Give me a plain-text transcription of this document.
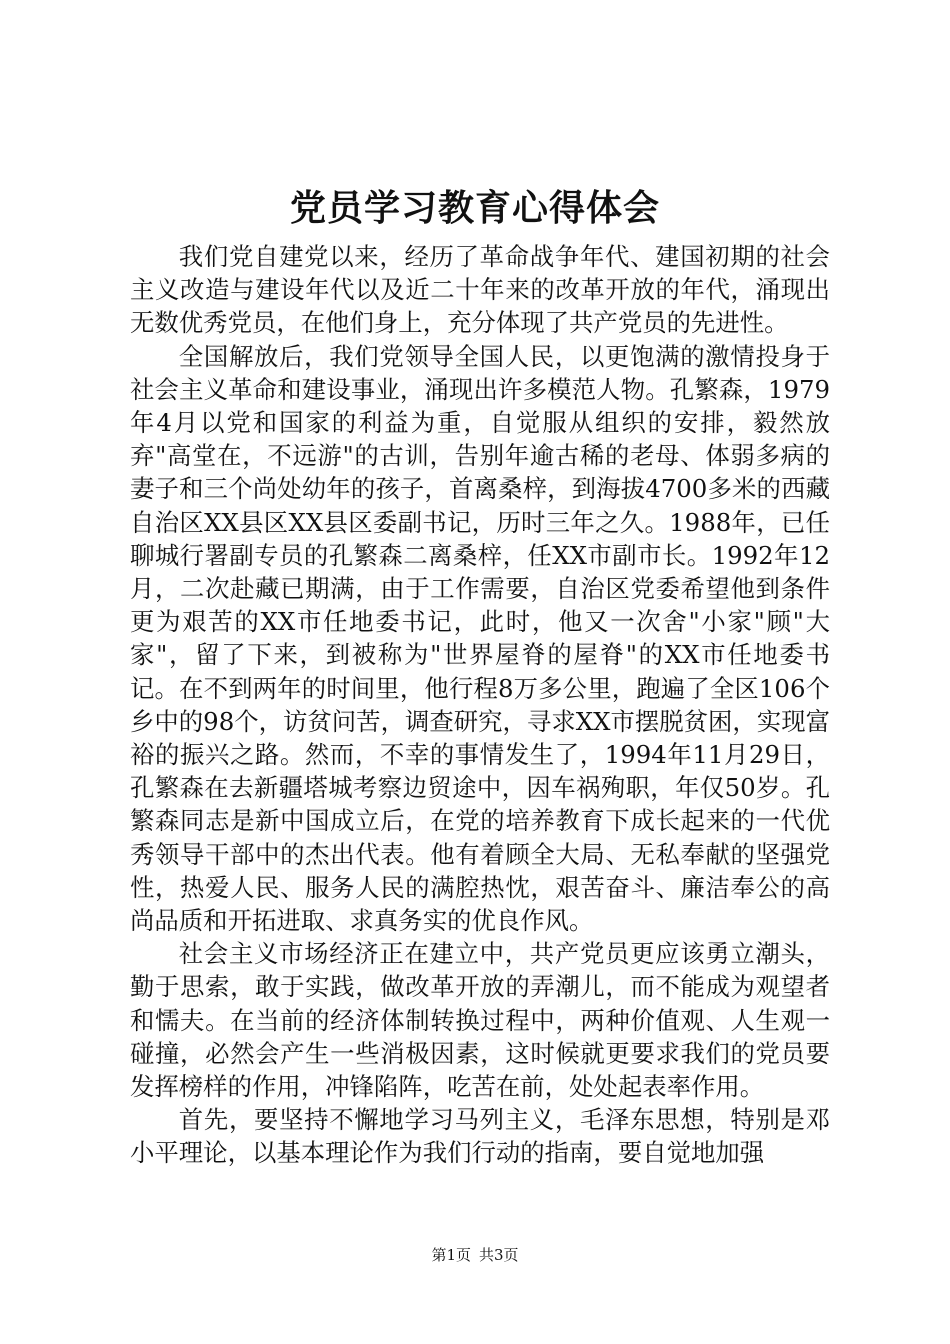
党员学习教育心得体会

我们党自建党以来，经历了革命战争年代、建国初期的社会主义改造与建设年代以及近二十年来的改革开放的年代，涌现出无数优秀党员，在他们身上，充分体现了共产党员的先进性。

全国解放后，我们党领导全国人民，以更饱满的激情投身于社会主义革命和建设事业，涌现出许多模范人物。孔繁森，1979年4月以党和国家的利益为重，自觉服从组织的安排，毅然放弃"高堂在，不远游"的古训，告别年逾古稀的老母、体弱多病的妻子和三个尚处幼年的孩子，首离桑梓，到海拔4700多米的西藏自治区XX县区XX县区委副书记，历时三年之久。1988年，已任聊城行署副专员的孔繁森二离桑梓，任XX市副市长。1992年12月，二次赴藏已期满，由于工作需要，自治区党委希望他到条件更为艰苦的XX市任地委书记，此时，他又一次舍"小家"顾"大家"，留了下来，到被称为"世界屋脊的屋脊"的XX市任地委书记。在不到两年的时间里，他行程8万多公里，跑遍了全区106个乡中的98个，访贫问苦，调查研究，寻求XX市摆脱贫困，实现富裕的振兴之路。然而，不幸的事情发生了，1994年11月29日，孔繁森在去新疆塔城考察边贸途中，因车祸殉职，年仅50岁。孔繁森同志是新中国成立后，在党的培养教育下成长起来的一代优秀领导干部中的杰出代表。他有着顾全大局、无私奉献的坚强党性，热爱人民、服务人民的满腔热忱，艰苦奋斗、廉洁奉公的高尚品质和开拓进取、求真务实的优良作风。

社会主义市场经济正在建立中，共产党员更应该勇立潮头，勤于思索，敢于实践，做改革开放的弄潮儿，而不能成为观望者和懦夫。在当前的经济体制转换过程中，两种价值观、人生观一碰撞，必然会产生一些消极因素，这时候就更要求我们的党员要发挥榜样的作用，冲锋陷阵，吃苦在前，处处起表率作用。

首先，要坚持不懈地学习马列主义，毛泽东思想，特别是邓小平理论，以基本理论作为我们行动的指南，要自觉地加强

第1页 共3页
